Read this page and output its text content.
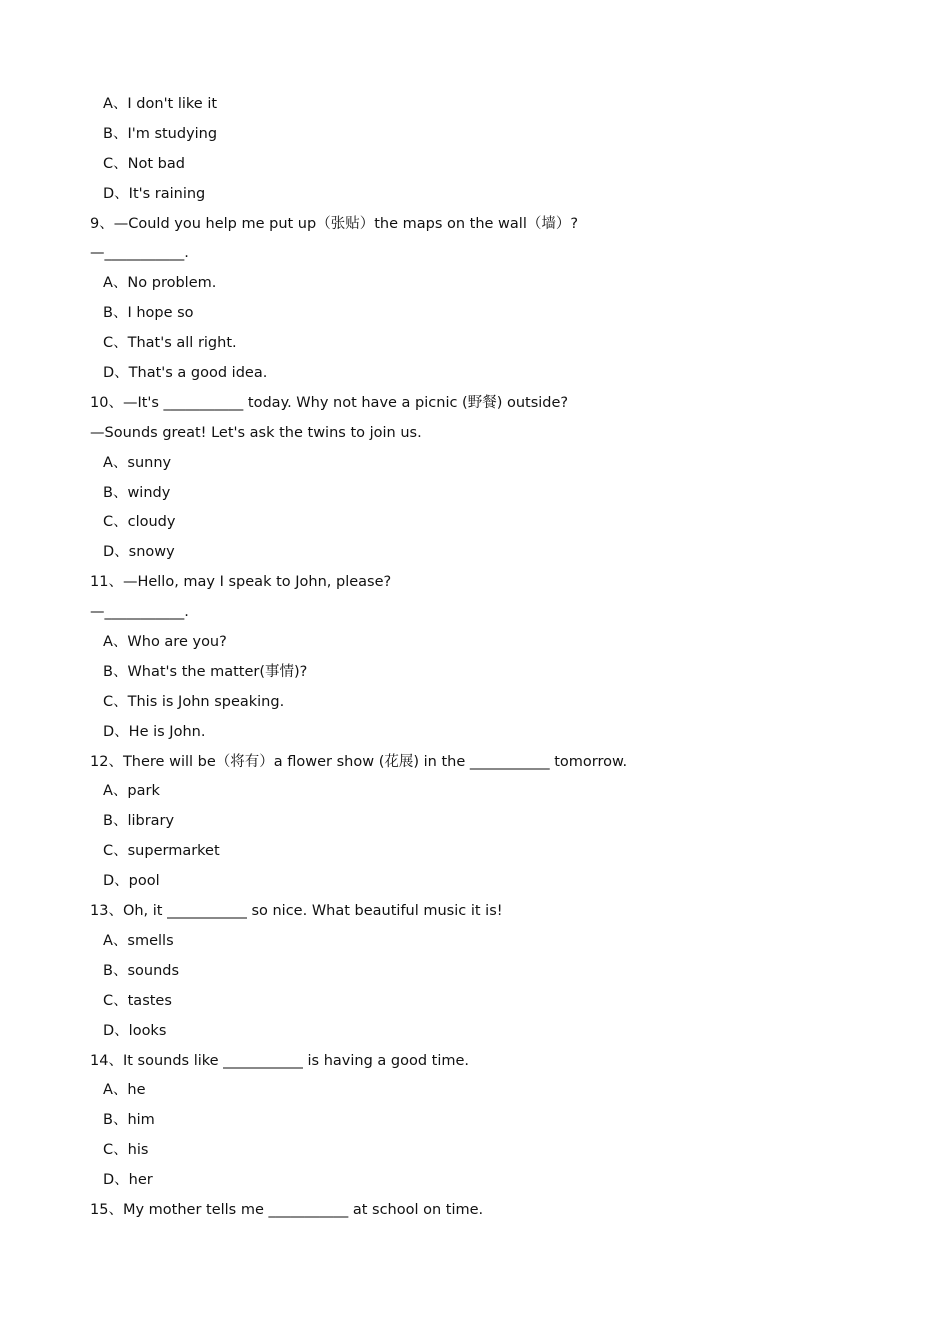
A、I don't like it
B、I'm studying
C、Not bad
D、It's raining
9、—Could you help me put up（张贴）the maps on the wall（墙）?
—___________.
A、No problem.
B、I hope so
C、That's all right.
D、That's a good idea.
10、—It's ___________ today. Why not have a picnic (野餐) outside?
—Sounds great! Let's ask the twins to join us.
A、sunny
B、windy
C、cloudy
D、snowy
11、—Hello, may I speak to John, please?
—___________.
A、Who are you?
B、What's the matter(事情)?
C、This is John speaking.
D、He is John.
12、There will be（将有）a flower show (花展) in the ___________ tomorrow.
A、park
B、library
C、supermarket
D、pool
13、Oh, it ___________ so nice. What beautiful music it is!
A、smells
B、sounds
C、tastes
D、looks
14、It sounds like ___________ is having a good time.
A、he
B、him
C、his
D、her
15、My mother tells me ___________ at school on time.
